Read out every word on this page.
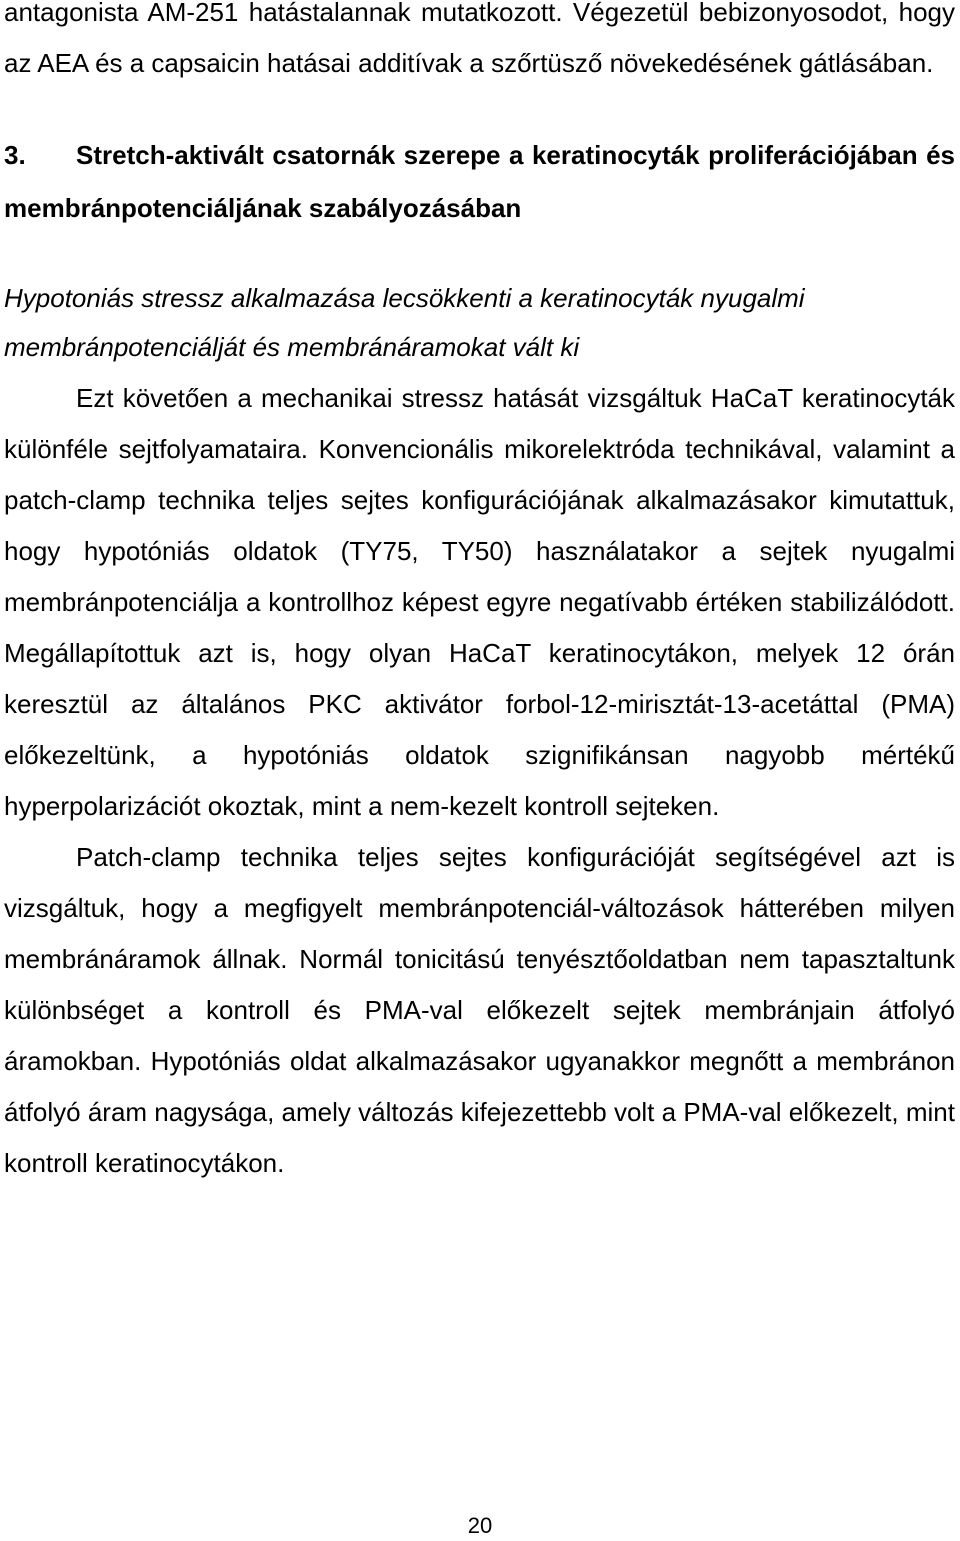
antagonista AM-251 hatástalannak mutatkozott. Végezetül bebizonyosodot, hogy az AEA és a capsaicin hatásai additívak a szőrtüsző növekedésének gátlásában.

3. Stretch-aktivált csatornák szerepe a keratinocyták proliferációjában és membránpotenciáljának szabályozásában

Hypotoniás stressz alkalmazása lecsökkenti a keratinocyták nyugalmi membránpotenciálját és membránáramokat vált ki

Ezt követően a mechanikai stressz hatását vizsgáltuk HaCaT keratinocyták különféle sejtfolyamataira. Konvencionális mikorelektróda technikával, valamint a patch-clamp technika teljes sejtes konfigurációjának alkalmazásakor kimutattuk, hogy hypotóniás oldatok (TY75, TY50) használatakor a sejtek nyugalmi membránpotenciálja a kontrollhoz képest egyre negatívabb értéken stabilizálódott. Megállapítottuk azt is, hogy olyan HaCaT keratinocytákon, melyek 12 órán keresztül az általános PKC aktivátor forbol-12-mirisztát-13-acetáttal (PMA) előkezeltünk, a hypotóniás oldatok szignifikánsan nagyobb mértékű hyperpolarizációt okoztak, mint a nem-kezelt kontroll sejteken.

Patch-clamp technika teljes sejtes konfigurációját segítségével azt is vizsgáltuk, hogy a megfigyelt membránpotenciál-változások hátterében milyen membránáramok állnak. Normál tonicitású tenyésztőoldatban nem tapasztaltunk különbséget a kontroll és PMA-val előkezelt sejtek membránjain átfolyó áramokban. Hypotóniás oldat alkalmazásakor ugyanakkor megnőtt a membránon átfolyó áram nagysága, amely változás kifejezettebb volt a PMA-val előkezelt, mint kontroll keratinocytákon.

20
